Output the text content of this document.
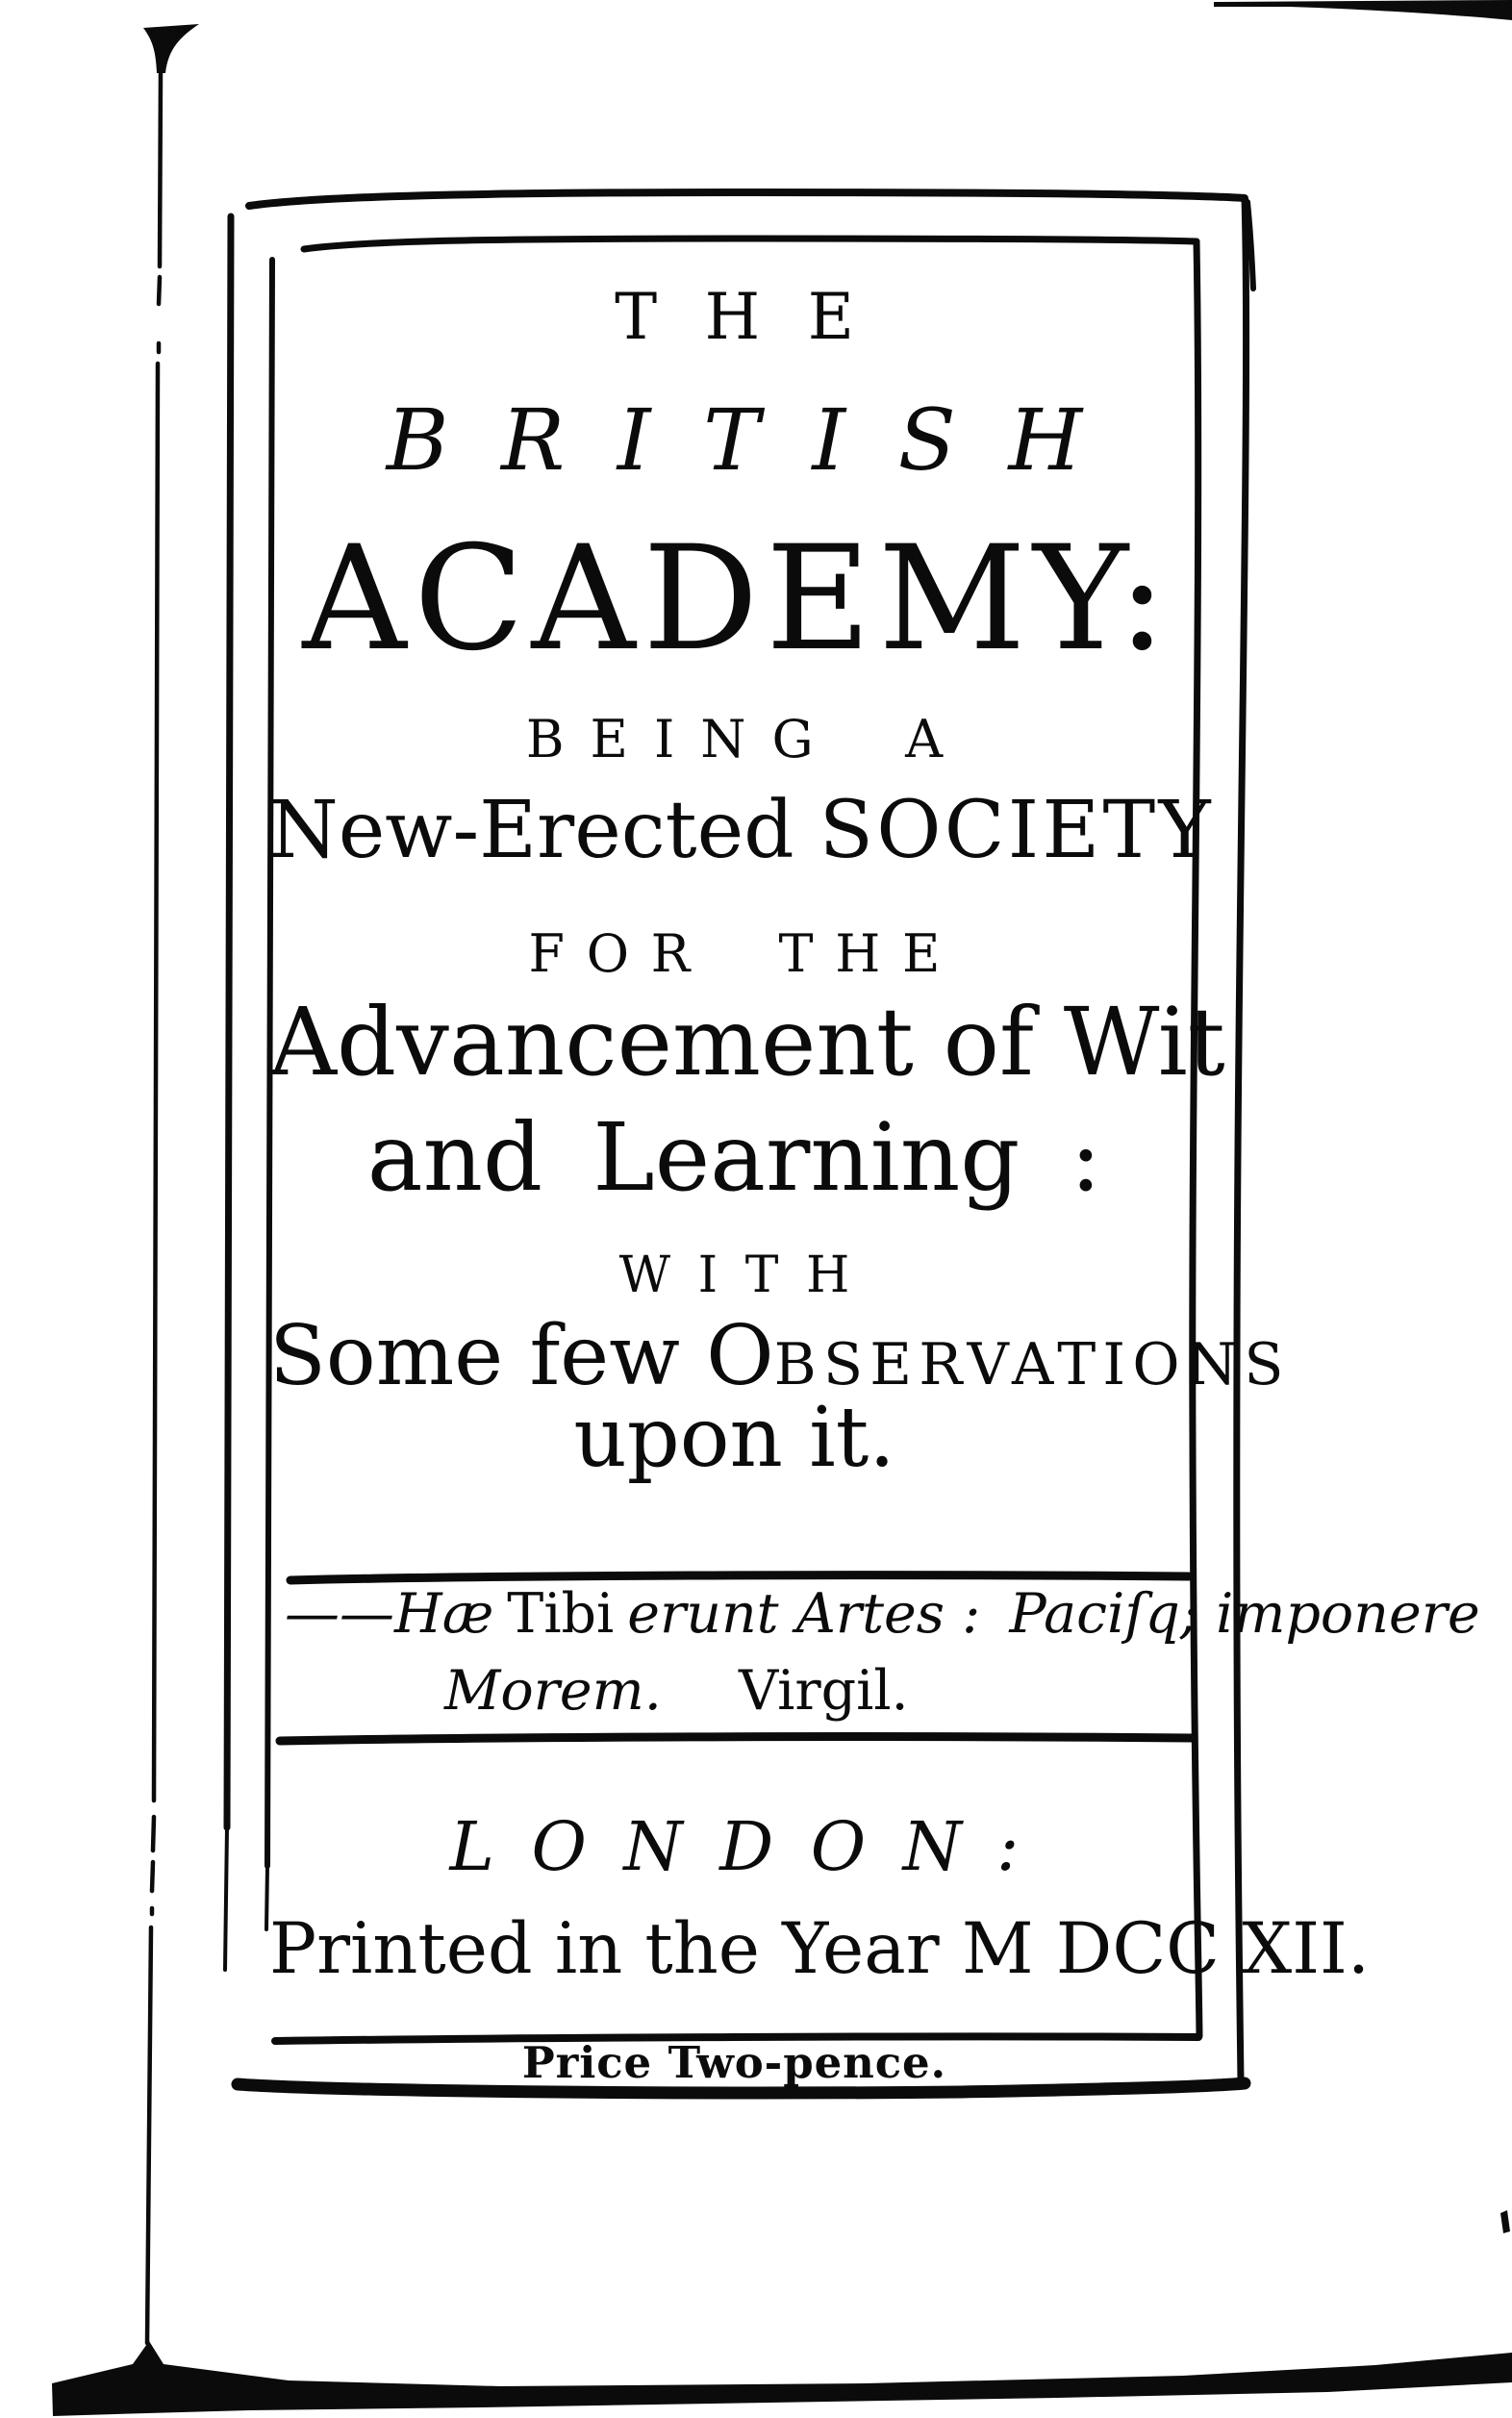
THE
BRITISH
ACADEMY:
BEING A
New-Erected SOCIETY
FOR THE
Advancement of Wit
and Learning :
WITH
Some few OBSERVATIONS
upon it.
—— Hæ Tibi erunt Artes : Paciſq; imponere
Morem. Virgil.
LONDON:
Printed in the Year M DCC XII.
Price Two-pence.
